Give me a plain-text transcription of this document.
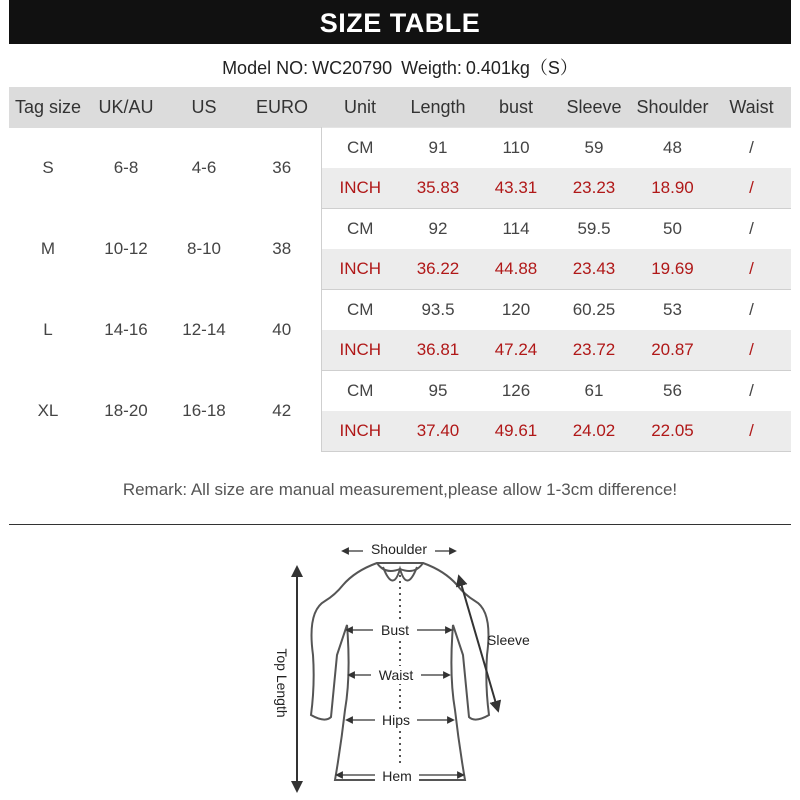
SIZE TABLE
Model NO: WC20790 Weigth: 0.401kg（S）
Tag size	UK/AU	US	EURO	Unit	Length	bust	Sleeve	Shoulder	Waist
S	6-8	4-6	36	CM	91	110	59	48	/
				INCH	35.83	43.31	23.23	18.90	/
M	10-12	8-10	38	CM	92	114	59.5	50	/
				INCH	36.22	44.88	23.43	19.69	/
L	14-16	12-14	40	CM	93.5	120	60.25	53	/
				INCH	36.81	47.24	23.72	20.87	/
XL	18-20	16-18	42	CM	95	126	61	56	/
				INCH	37.40	49.61	24.02	22.05	/
Remark: All size are manual measurement,please allow 1-3cm difference!
Shoulder
Bust
Waist
Hips
Hem
Sleeve
Top Length
